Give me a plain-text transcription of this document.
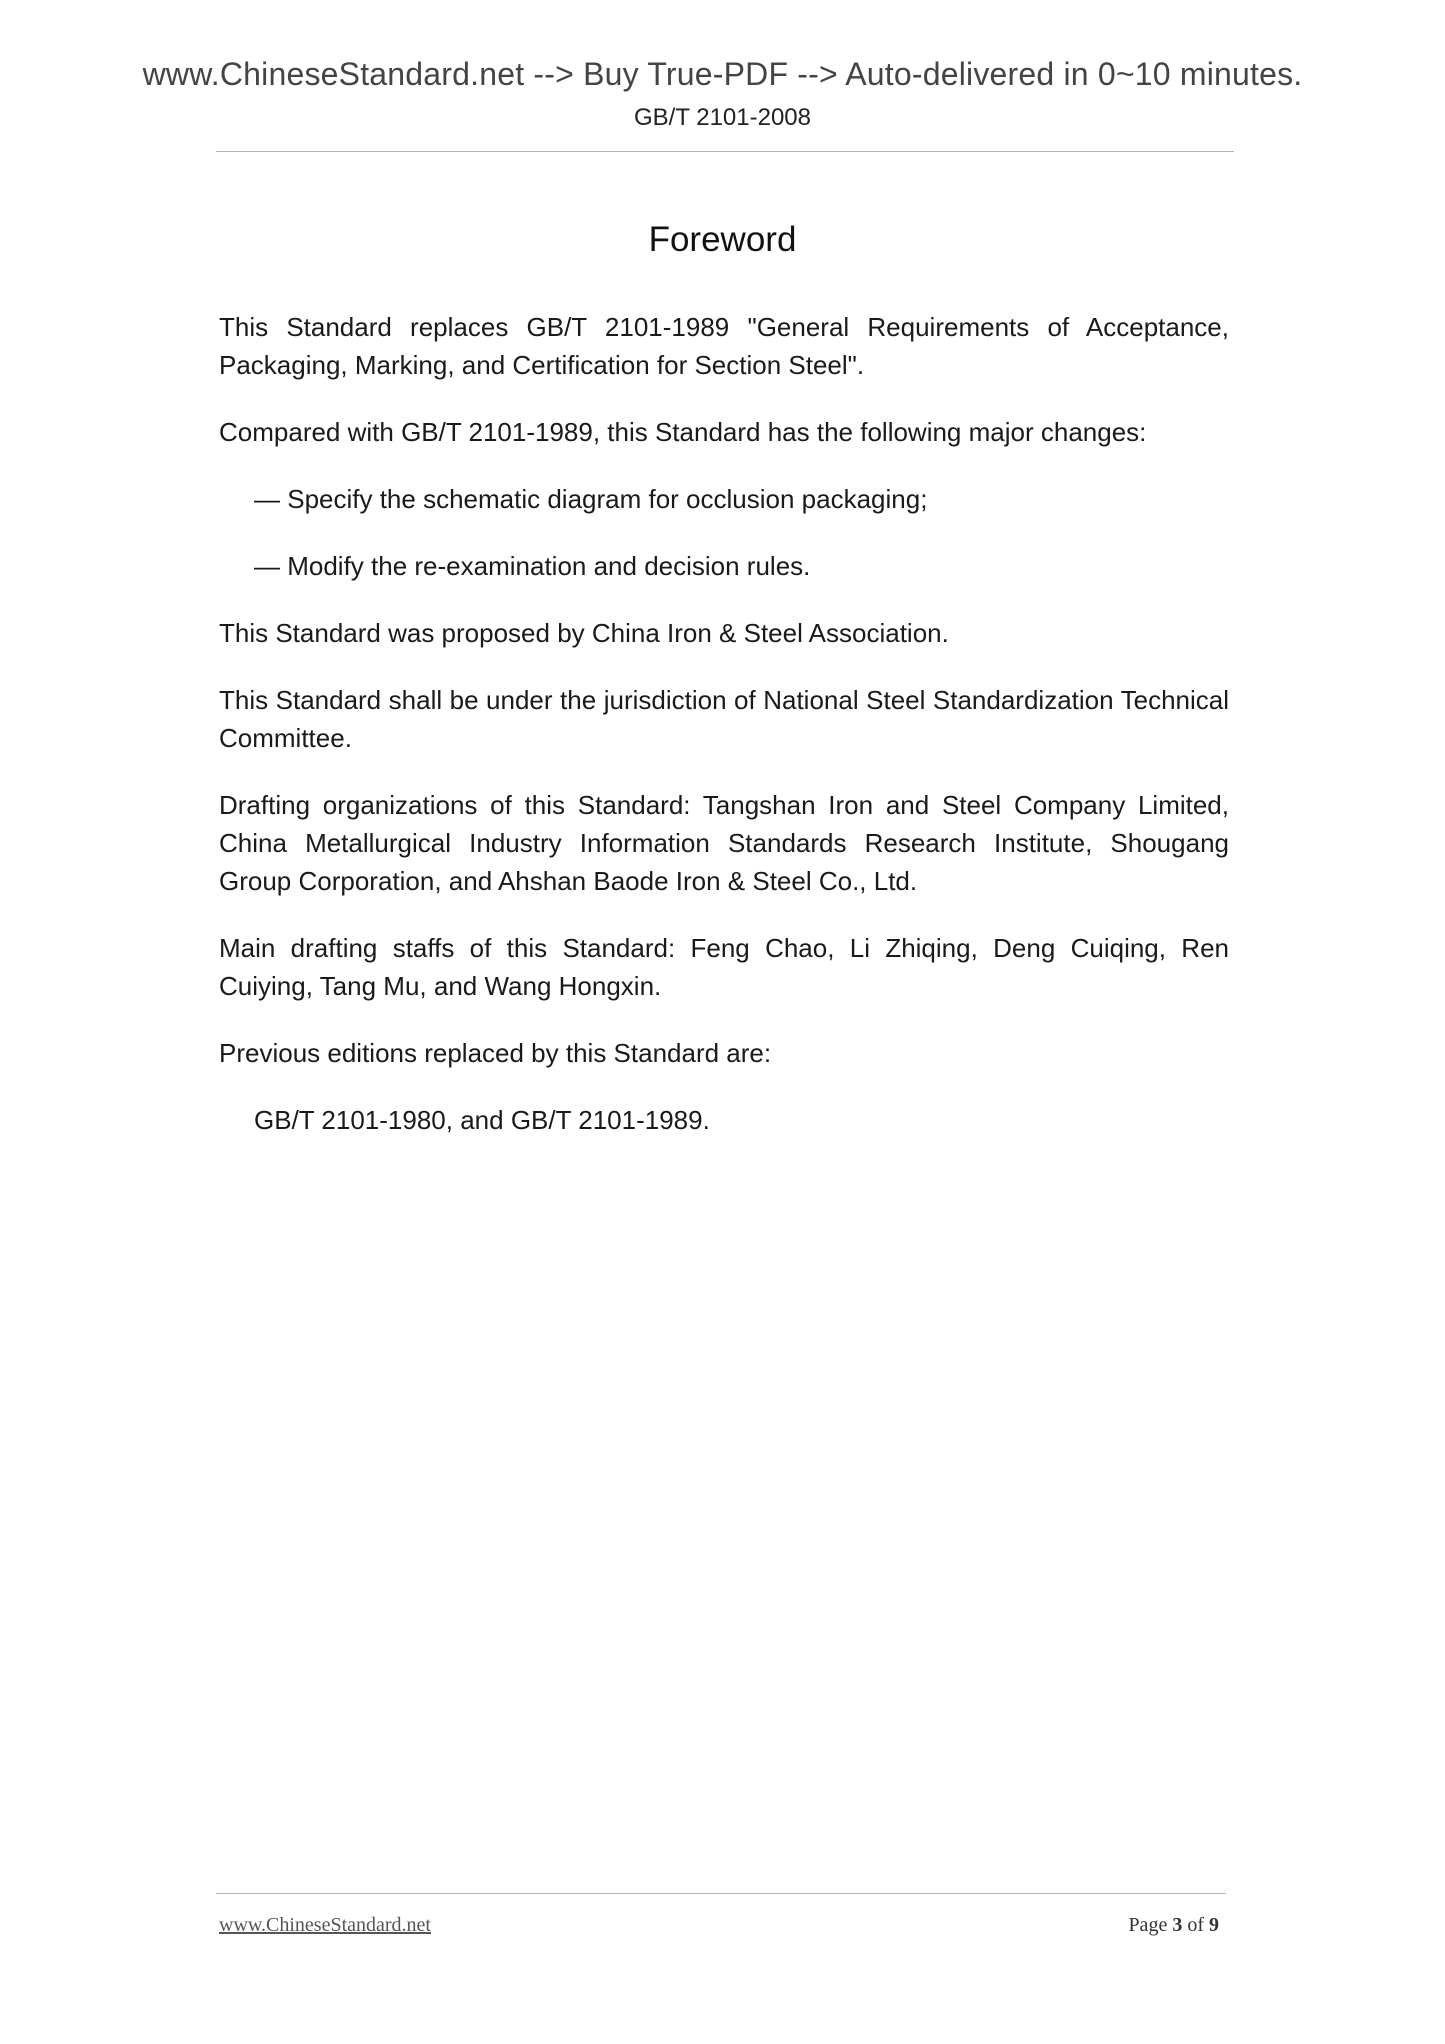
www.ChineseStandard.net --> Buy True-PDF --> Auto-delivered in 0~10 minutes.
GB/T 2101-2008
Foreword

This Standard replaces GB/T 2101-1989 "General Requirements of Acceptance, Packaging, Marking, and Certification for Section Steel".

Compared with GB/T 2101-1989, this Standard has the following major changes:

— Specify the schematic diagram for occlusion packaging;

— Modify the re-examination and decision rules.

This Standard was proposed by China Iron & Steel Association.

This Standard shall be under the jurisdiction of National Steel Standardization Technical Committee.

Drafting organizations of this Standard: Tangshan Iron and Steel Company Limited, China Metallurgical Industry Information Standards Research Institute, Shougang Group Corporation, and Ahshan Baode Iron & Steel Co., Ltd.

Main drafting staffs of this Standard: Feng Chao, Li Zhiqing, Deng Cuiqing, Ren Cuiying, Tang Mu, and Wang Hongxin.

Previous editions replaced by this Standard are:

GB/T 2101-1980, and GB/T 2101-1989.

www.ChineseStandard.net	Page 3 of 9
